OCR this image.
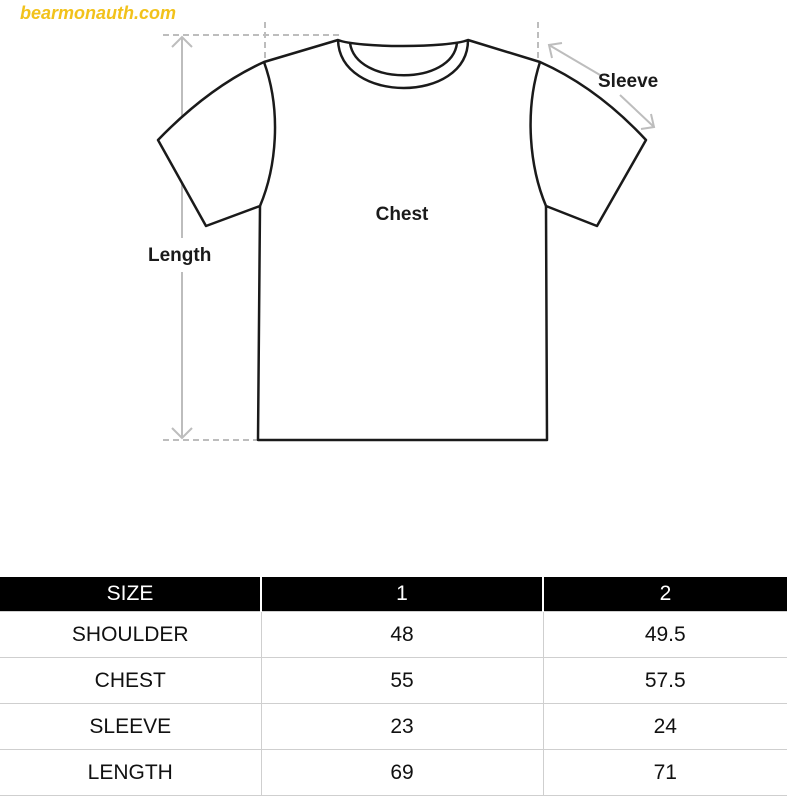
bearmonauth.com
Sleeve
Chest
Length
SIZE	1	2
SHOULDER	48	49.5
CHEST	55	57.5
SLEEVE	23	24
LENGTH	69	71
